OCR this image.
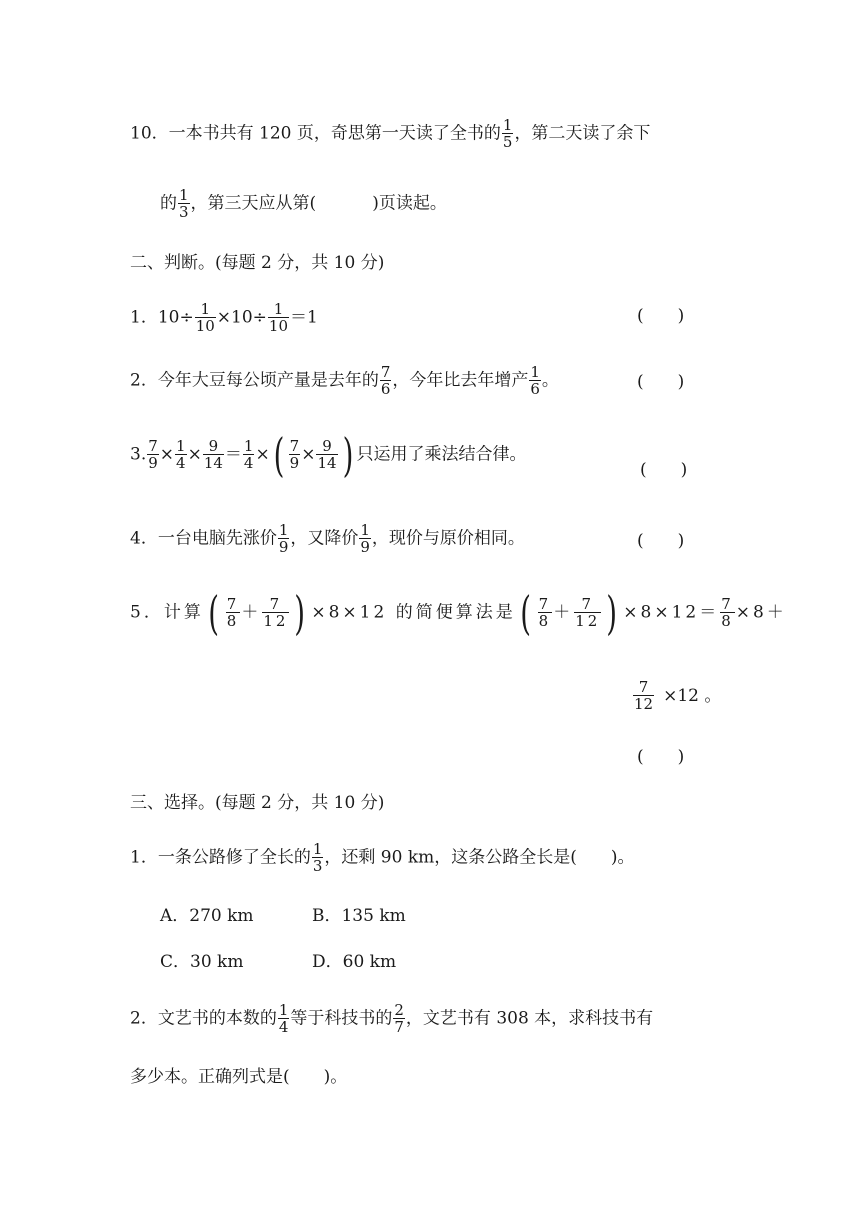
10．一本书共有 120 页，奇思第一天读了全书的 $\frac{1}{5}$ ，第二天读了余下
的 $\frac{1}{3}$ ，第三天应从第(	)页读起。
二、判断。(每题 2 分，共 10 分)
1．$10\div \frac{1}{10} \times 10\div \frac{1}{10} =1$	(　　)
2．今年大豆每公顷产量是去年的 $\frac{7}{6}$ ，今年比去年增产 $\frac{1}{6}$ 。	(　　)
3. $\frac{7}{9} \times \frac{1}{4} \times \frac{9}{14} = \frac{1}{4}$ ×( $\frac{7}{9} \times \frac{9}{14}$ ) 只运用了乘法结合律。
(　　)
4．一台电脑先涨价 $\frac{1}{9}$ ，又降价 $\frac{1}{9}$ ，现价与原价相同。	(　　)
5．计算( $\frac{7}{8} + \frac{7}{12}$ ) ×8×12 的简便算法是( $\frac{7}{8} + \frac{7}{12}$ ) $\times 8\times 12= \frac{7}{8} \times 8+$
$\frac{7}{12} \times 12$ 。
(　　)
三、选择。(每题 2 分，共 10 分)
1．一条公路修了全长的 $\frac{1}{3}$ ，还剩 90 km，这条公路全长是(　　)。
A．270 km	B．135 km
C．30 km	D．60 km
2．文艺书的本数的 $\frac{1}{4}$ 等于科技书的 $\frac{2}{7}$ ，文艺书有 308 本，求科技书有
多少本。正确列式是(　　)。
